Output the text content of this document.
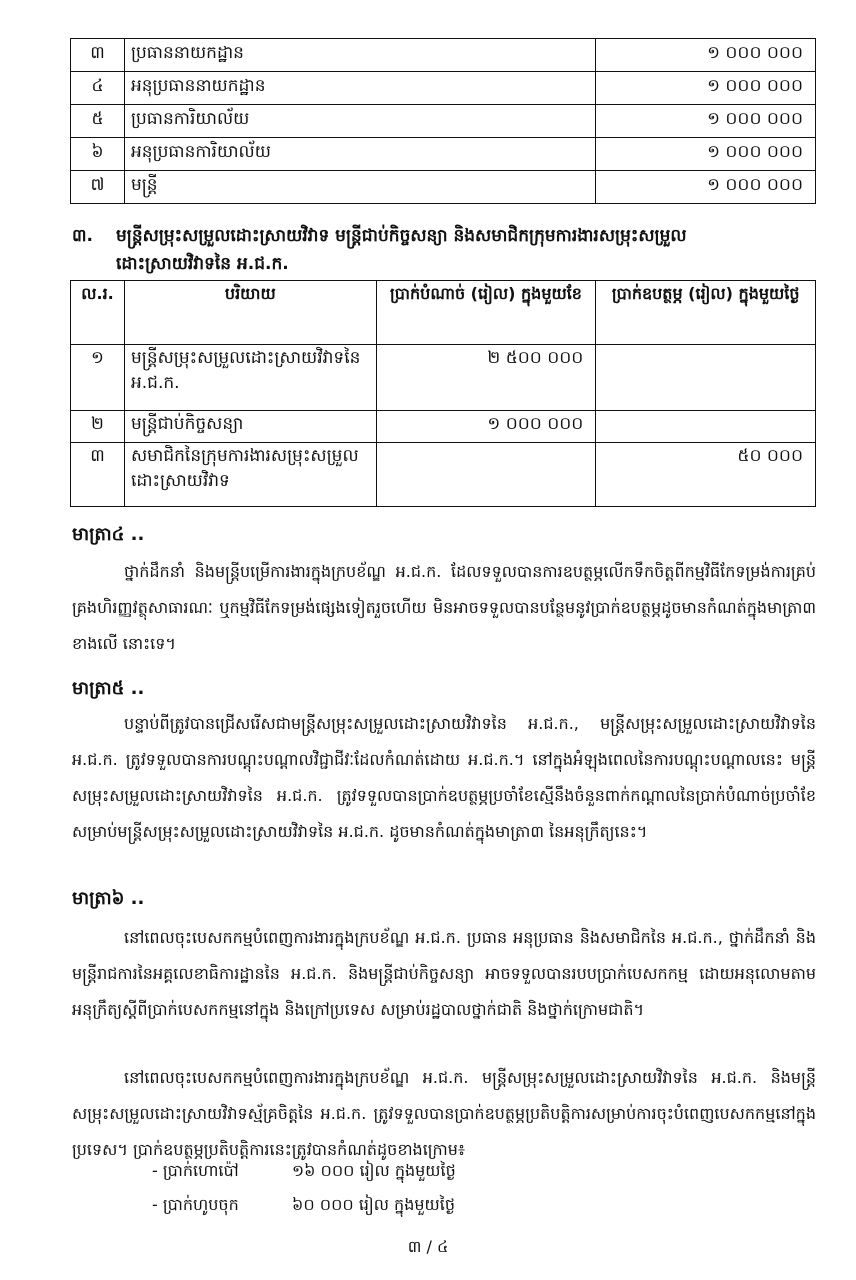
៣	ប្រធាននាយកដ្ឋាន	១ ០០០ ០០០
៤	អនុប្រធាននាយកដ្ឋាន	១ ០០០ ០០០
៥	ប្រធានការិយាល័យ	១ ០០០ ០០០
៦	អនុប្រធានការិយាល័យ	១ ០០០ ០០០
៧	មន្ត្រី	១ ០០០ ០០០
៣. មន្ត្រីសម្រុះសម្រួលដោះស្រាយវិវាទ មន្ត្រីជាប់កិច្ចសន្យា និងសមាជិកក្រុមការងារសម្រុះសម្រួល
ដោះស្រាយវិវាទនៃ អ.ជ.ក.
ល.រ.	បរិយាយ	ប្រាក់បំណាច់ (រៀល) ក្នុងមួយខែ	ប្រាក់ឧបត្ថម្ភ (រៀល) ក្នុងមួយថ្ងៃ
១	មន្ត្រីសម្រុះសម្រួលដោះស្រាយវិវាទនៃ អ.ជ.ក.	២ ៥០០ ០០០	
២	មន្ត្រីជាប់កិច្ចសន្យា	១ ០០០ ០០០	
៣	សមាជិកនៃក្រុមការងារសម្រុះសម្រួលដោះស្រាយវិវាទ		៥០ ០០០
មាត្រា៤ ..
ថ្នាក់ដឹកនាំ និងមន្ត្រីបម្រើការងារក្នុងក្របខ័ណ្ឌ អ.ជ.ក. ដែលទទួលបានការឧបត្ថម្ភលើកទឹកចិត្តពីកម្មវិធីកែទម្រង់ការគ្រប់គ្រងហិរញ្ញវត្ថុសាធារណៈ ឬកម្មវិធីកែទម្រង់ផ្សេងទៀតរួចហើយ មិនអាចទទួលបានបន្ថែមនូវប្រាក់ឧបត្ថម្ភដូចមានកំណត់ក្នុងមាត្រា៣ ខាងលើ នោះទេ។
មាត្រា៥ ..
បន្ទាប់ពីត្រូវបានជ្រើសរើសជាមន្ត្រីសម្រុះសម្រួលដោះស្រាយវិវាទនៃ អ.ជ.ក., មន្ត្រីសម្រុះសម្រួលដោះស្រាយវិវាទនៃ អ.ជ.ក. ត្រូវទទួលបានការបណ្តុះបណ្តាលវិជ្ជាជីវៈដែលកំណត់ដោយ អ.ជ.ក.។ នៅក្នុងអំឡុងពេលនៃការបណ្តុះបណ្តាលនេះ មន្ត្រីសម្រុះសម្រួលដោះស្រាយវិវាទនៃ អ.ជ.ក. ត្រូវទទួលបានប្រាក់ឧបត្ថម្ភប្រចាំខែស្មើនឹងចំនួនពាក់កណ្តាលនៃប្រាក់បំណាច់ប្រចាំខែសម្រាប់មន្ត្រីសម្រុះសម្រួលដោះស្រាយវិវាទនៃ អ.ជ.ក. ដូចមានកំណត់ក្នុងមាត្រា៣ នៃអនុក្រឹត្យនេះ។
មាត្រា៦ ..
នៅពេលចុះបេសកកម្មបំពេញការងារក្នុងក្របខ័ណ្ឌ អ.ជ.ក. ប្រធាន អនុប្រធាន និងសមាជិកនៃ អ.ជ.ក., ថ្នាក់ដឹកនាំ និងមន្ត្រីរាជការនៃអគ្គលេខាធិការដ្ឋាននៃ អ.ជ.ក. និងមន្ត្រីជាប់កិច្ចសន្យា អាចទទួលបានរបបប្រាក់បេសកកម្ម ដោយអនុលោមតាមអនុក្រឹត្យស្តីពីប្រាក់បេសកកម្មនៅក្នុង និងក្រៅប្រទេស សម្រាប់រដ្ឋបាលថ្នាក់ជាតិ និងថ្នាក់ក្រោមជាតិ។
នៅពេលចុះបេសកកម្មបំពេញការងារក្នុងក្របខ័ណ្ឌ អ.ជ.ក. មន្ត្រីសម្រុះសម្រួលដោះស្រាយវិវាទនៃ អ.ជ.ក. និងមន្ត្រីសម្រុះសម្រួលដោះស្រាយវិវាទស្ម័គ្រចិត្តនៃ អ.ជ.ក. ត្រូវទទួលបានប្រាក់ឧបត្ថម្ភប្រតិបត្តិការសម្រាប់ការចុះបំពេញបេសកកម្មនៅក្នុងប្រទេស។ ប្រាក់ឧបត្ថម្ភប្រតិបត្តិការនេះត្រូវបានកំណត់ដូចខាងក្រោម៖
- ប្រាក់ហោប៉ៅ	១៦ ០០០ រៀល ក្នុងមួយថ្ងៃ
- ប្រាក់ហូបចុក	៦០ ០០០ រៀល ក្នុងមួយថ្ងៃ
៣ / ៤
